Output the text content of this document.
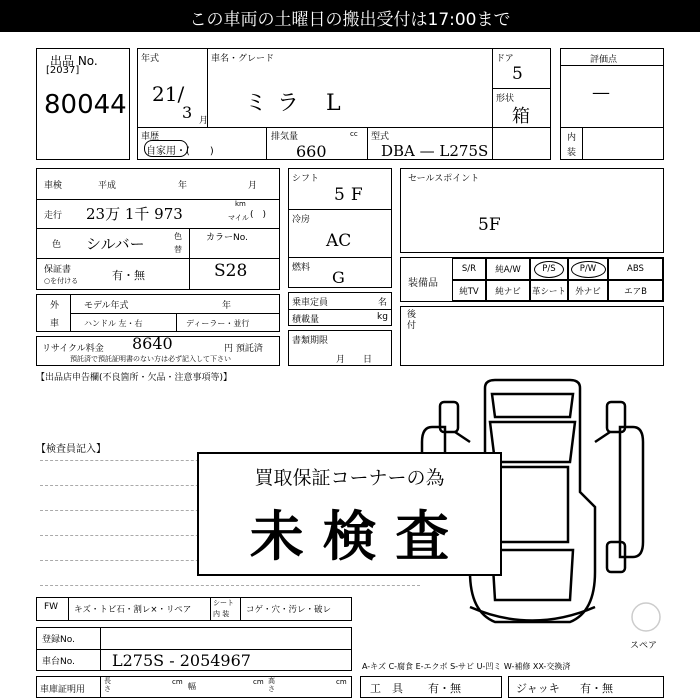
この車両の土曜日の搬出受付は17:00まで
出品 No.
[2037]
80044
年式
21/
3 月
車名・グレード
ミラ L
ドア
5
形状
箱
車歴
自家用・(　　)
排気量	cc
660
型式
DBA — L275S
評価点
—
内
装
車検	平成	年	月
走行 23万 1千 973
km
マイル (　)
色 シルバー	色
替
カラーNo.
保証書
○を付ける	有・無	S28
外
車
モデル年式	年
ハンドル 左・右	ディーラー・並行
リサイクル料金 8640	円 預託済
預託済で預託証明書のない方は必ず記入して下さい
シフト
5F
冷房
AC
燃料 G
乗車定員	名
積載量	kg
書類期限
月　　日
セールスポイント
5F
装備品
S/R	純A/W	P/S	P/W	ABS
純TV	純ナビ	革シート	外ナビ	エアB
後付
【出品店申告欄(不良箇所・欠品・注意事項等)】
【検査員記入】
スペア
買取保証コーナーの為
未 検 査
FW キズ・トビ石・割レ×・リペア
シート
内 装 コゲ・穴・汚レ・破レ
登録No.
車台No. L275S - 2054967
車庫証明用
長さ
cm 幅	cm 高さ
cm
A-キズ C-腐食 E-エクボ S-サビ U-凹ミ W-補修 XX-交換済
工　具 有・無	ジャッキ 有・無
